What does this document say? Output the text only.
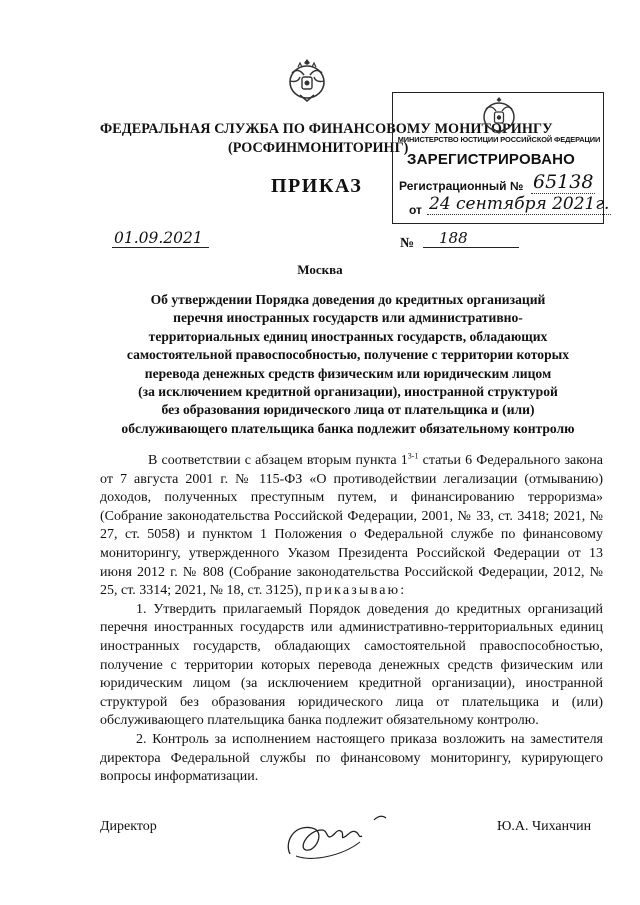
ФЕДЕРАЛЬНАЯ СЛУЖБА ПО ФИНАНСОВОМУ МОНИТОРИНГУ
(РОСФИНМОНИТОРИНГ)
МИНИСТЕРСТВО ЮСТИЦИИ РОССИЙСКОЙ ФЕДЕРАЦИИ
ЗАРЕГИСТРИРОВАНО
Регистрационный № 65138
от 24 сентября 2021г.
ПРИКАЗ
01.09.2021	№	188
Москва
Об утверждении Порядка доведения до кредитных организаций
перечня иностранных государств или административно-
территориальных единиц иностранных государств, обладающих
самостоятельной правоспособностью, получение с территории которых
перевода денежных средств физическим или юридическим лицом
(за исключением кредитной организации), иностранной структурой
без образования юридического лица от плательщика и (или)
обслуживающего плательщика банка подлежит обязательному контролю

В соответствии с абзацем вторым пункта 1$^{3-1}$ статьи 6 Федерального закона от 7 августа 2001 г. № 115-ФЗ «О противодействии легализации (отмыванию) доходов, полученных преступным путем, и финансированию терроризма» (Собрание законодательства Российской Федерации, 2001, № 33, ст. 3418; 2021, № 27, ст. 5058) и пунктом 1 Положения о Федеральной службе по финансовому мониторингу, утвержденного Указом Президента Российской Федерации от 13 июня 2012 г. № 808 (Собрание законодательства Российской Федерации, 2012, № 25, ст. 3314; 2021, № 18, ст. 3125), приказываю:

1. Утвердить прилагаемый Порядок доведения до кредитных организаций перечня иностранных государств или административно-территориальных единиц иностранных государств, обладающих самостоятельной правоспособностью, получение с территории которых перевода денежных средств физическим или юридическим лицом (за исключением кредитной организации), иностранной структурой без образования юридического лица от плательщика и (или) обслуживающего плательщика банка подлежит обязательному контролю.

2. Контроль за исполнением настоящего приказа возложить на заместителя директора Федеральной службы по финансовому мониторингу, курирующего вопросы информатизации.

Директор	Ю.А. Чиханчин
